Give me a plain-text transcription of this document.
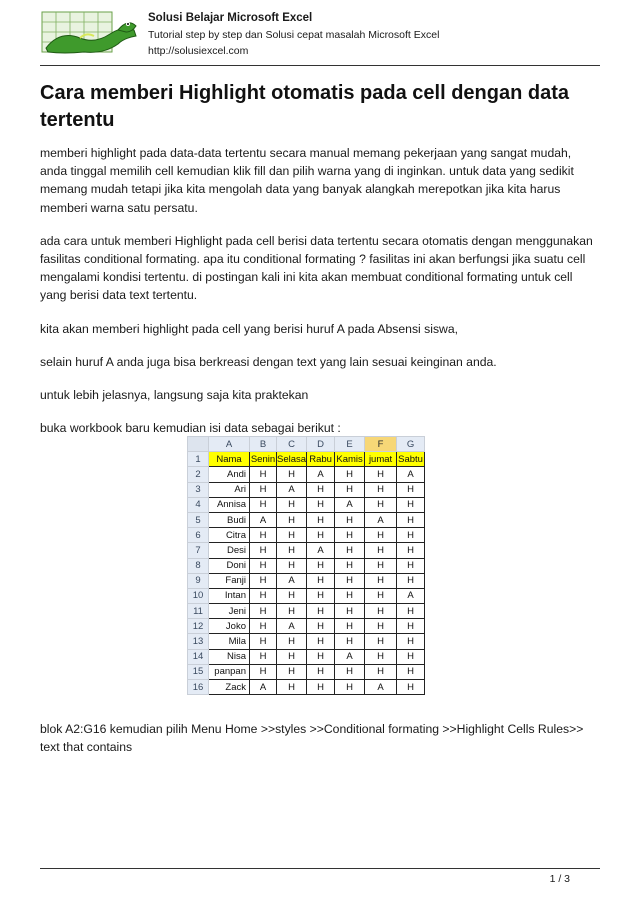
Solusi Belajar Microsoft Excel
Tutorial step by step dan Solusi cepat masalah Microsoft Excel
http://solusiexcel.com
Cara memberi Highlight otomatis pada cell dengan data tertentu

memberi highlight pada data-data tertentu secara manual memang pekerjaan yang sangat mudah, anda tinggal memilih cell kemudian klik fill dan pilih warna yang di inginkan. untuk data yang sedikit memang mudah tetapi jika kita mengolah data yang banyak alangkah merepotkan jika kita harus memberi warna satu persatu.

ada cara untuk memberi Highlight pada cell berisi data tertentu secara otomatis dengan menggunakan fasilitas conditional formating. apa itu conditional formating ? fasilitas ini akan berfungsi jika suatu cell mengalami kondisi tertentu. di postingan kali ini kita akan membuat conditional formating untuk cell yang berisi data text tertentu.

kita akan memberi highlight pada cell yang berisi huruf A pada Absensi siswa,

selain huruf A anda juga bisa berkreasi dengan text yang lain sesuai keinginan anda.

untuk lebih jelasnya, langsung saja kita praktekan

buka workbook baru kemudian isi data sebagai berikut :

	A	B	C	D	E	F	G
1	Nama	Senin	Selasa	Rabu	Kamis	jumat	Sabtu
2	Andi	H	H	A	H	H	A
3	Ari	H	A	H	H	H	H
4	Annisa	H	H	H	A	H	H
5	Budi	A	H	H	H	A	H
6	Citra	H	H	H	H	H	H
7	Desi	H	H	A	H	H	H
8	Doni	H	H	H	H	H	H
9	Fanji	H	A	H	H	H	H
10	Intan	H	H	H	H	H	A
11	Jeni	H	H	H	H	H	H
12	Joko	H	A	H	H	H	H
13	Mila	H	H	H	H	H	H
14	Nisa	H	H	H	A	H	H
15	panpan	H	H	H	H	H	H
16	Zack	A	H	H	H	A	H

blok A2:G16 kemudian pilih Menu Home >>styles >>Conditional formating >>Highlight Cells Rules>> text that contains

1 / 3
